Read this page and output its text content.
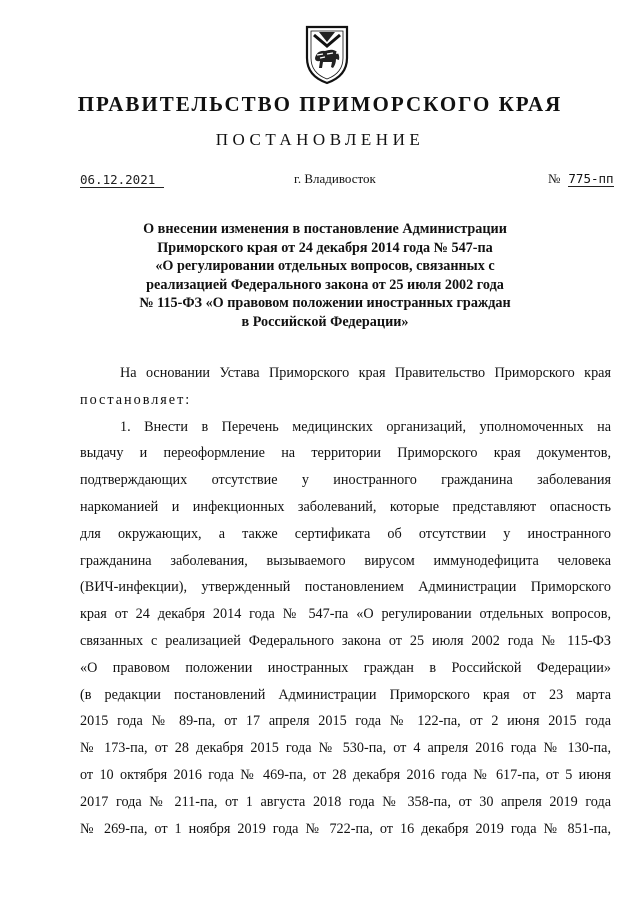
ПРАВИТЕЛЬСТВО ПРИМОРСКОГО КРАЯ
ПОСТАНОВЛЕНИЕ
06.12.2021	г. Владивосток	№ 775-пп
О внесении изменения в постановление Администрации
Приморского края от 24 декабря 2014 года № 547-па
«О регулировании отдельных вопросов, связанных с
реализацией Федерального закона от 25 июля 2002 года
№ 115-ФЗ «О правовом положении иностранных граждан
в Российской Федерации»

На основании Устава Приморского края Правительство Приморского края

постановляет:

1. Внести в Перечень медицинских организаций, уполномоченных на

выдачу и переоформление на территории Приморского края документов,

подтверждающих отсутствие у иностранного гражданина заболевания

наркоманией и инфекционных заболеваний, которые представляют опасность

для окружающих, а также сертификата об отсутствии у иностранного

гражданина заболевания, вызываемого вирусом иммунодефицита человека

(ВИЧ-инфекции), утвержденный постановлением Администрации Приморского

края от 24 декабря 2014 года № 547-па «О регулировании отдельных вопросов,

связанных с реализацией Федерального закона от 25 июля 2002 года № 115-ФЗ

«О правовом положении иностранных граждан в Российской Федерации»

(в редакции постановлений Администрации Приморского края от 23 марта

2015 года № 89-па, от 17 апреля 2015 года № 122-па, от 2 июня 2015 года

№ 173-па, от 28 декабря 2015 года № 530-па, от 4 апреля 2016 года № 130-па,

от 10 октября 2016 года № 469-па, от 28 декабря 2016 года № 617-па, от 5 июня

2017 года № 211-па, от 1 августа 2018 года № 358-па, от 30 апреля 2019 года

№ 269-па, от 1 ноября 2019 года № 722-па, от 16 декабря 2019 года № 851-па,
